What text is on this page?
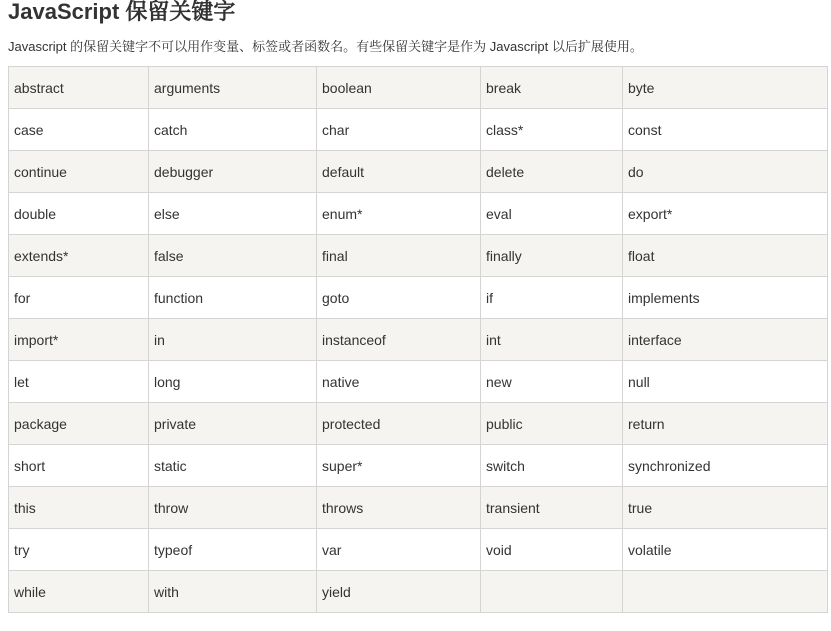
JavaScript 保留关键字

Javascript 的保留关键字不可以用作变量、标签或者函数名。有些保留关键字是作为 Javascript 以后扩展使用。

abstract	arguments	boolean	break	byte
case	catch	char	class*	const
continue	debugger	default	delete	do
double	else	enum*	eval	export*
extends*	false	final	finally	float
for	function	goto	if	implements
import*	in	instanceof	int	interface
let	long	native	new	null
package	private	protected	public	return
short	static	super*	switch	synchronized
this	throw	throws	transient	true
try	typeof	var	void	volatile
while	with	yield		
